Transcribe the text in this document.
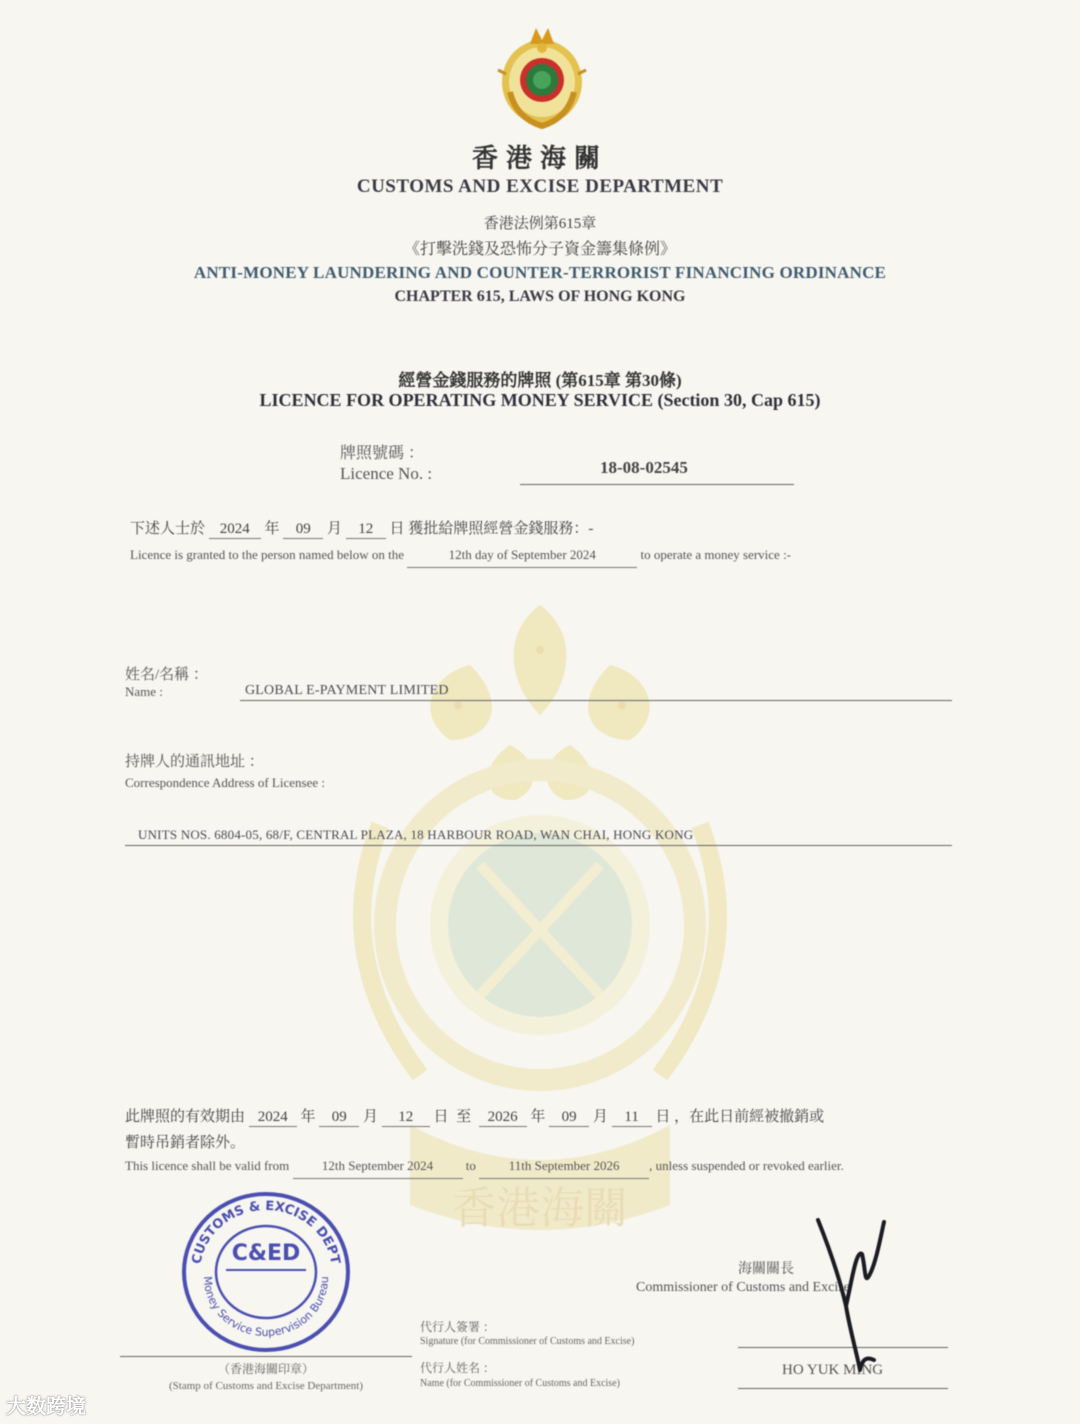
香港海關
CUSTOMS AND EXCISE DEPARTMENT
香港法例第615章
《打擊洗錢及恐怖分子資金籌集條例》
ANTI-MONEY LAUNDERING AND COUNTER-TERRORIST FINANCING ORDINANCE
CHAPTER 615, LAWS OF HONG KONG
經營金錢服務的牌照 (第615章 第30條)
LICENCE FOR OPERATING MONEY SERVICE (Section 30, Cap 615)
牌照號碼 ：
Licence No. :	18-08-02545
香港海關
下述人士於 2024 年 09 月 12 日 獲批給牌照經營金錢服務：-
Licence is granted to the person named below on the	12th day of September 2024	to operate a money service :-
姓名/名稱 ：
Name :	GLOBAL E-PAYMENT LIMITED
持牌人的通訊地址 ：
Correspondence Address of Licensee :
UNITS NOS. 6804-05, 68/F, CENTRAL PLAZA, 18 HARBOUR ROAD, WAN CHAI, HONG KONG
此牌照的有效期由 2024 年 09 月 12 日 至 2026 年 09 月 11 日 ，在此日前經被撤銷或
暫時吊銷者除外。
This licence shall be valid from	12th September 2024	to	11th September 2026 , unless suspended or revoked earlier.
CUSTOMS & EXCISE DEPT
Money Service Supervision Bureau
C&ED
（香港海關印章）
(Stamp of Customs and Excise Department)
海關關長
Commissioner of Customs and Excise
代行人簽署 ：
Signature (for Commissioner of Customs and Excise)
代行人姓名 ：
Name (for Commissioner of Customs and Excise)
HO YUK MING
大数跨境
